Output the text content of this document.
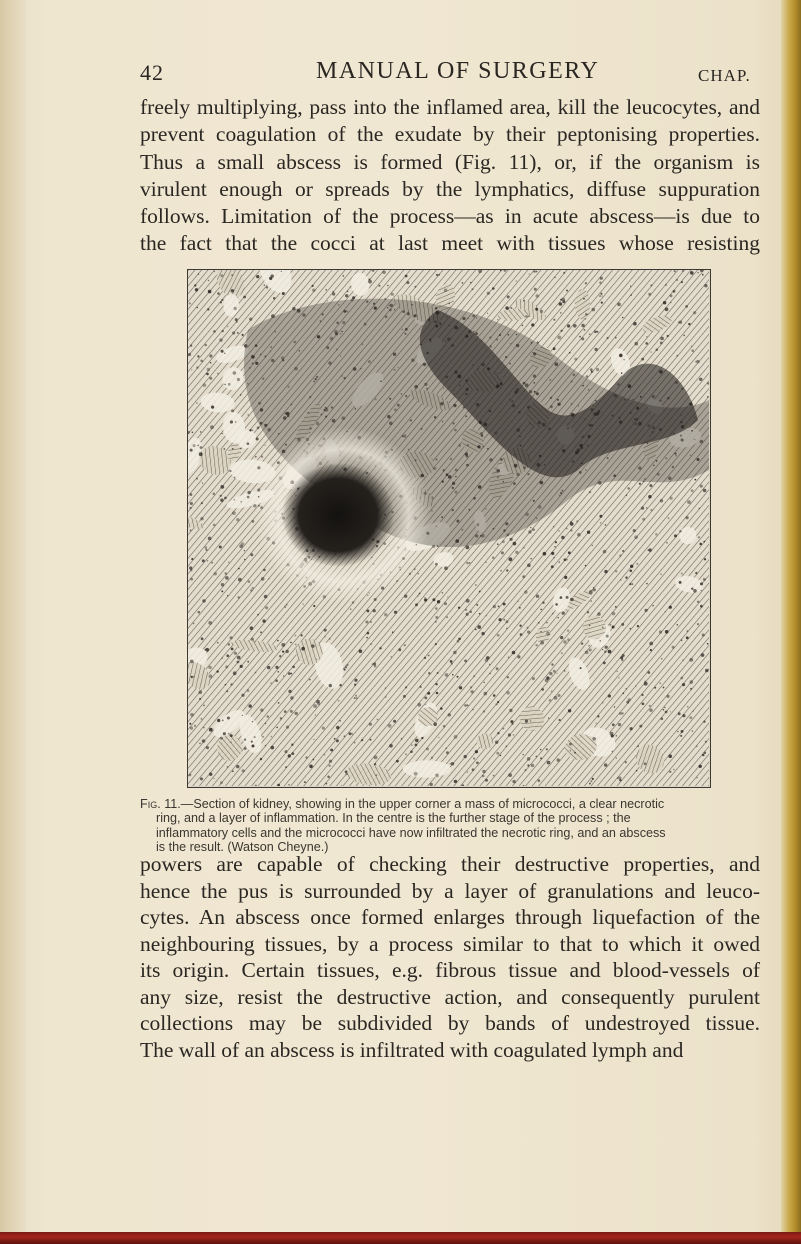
42	MANUAL OF SURGERY	CHAP.

freely multiplying, pass into the inflamed area, kill the leucocytes, and
prevent coagulation of the exudate by their peptonising properties.
Thus a small abscess is formed (Fig. 11), or, if the organism is
virulent enough or spreads by the lymphatics, diffuse suppuration
follows. Limitation of the process—as in acute abscess—is due to
the fact that the cocci at last meet with tissues whose resisting

Fig. 11.—Section of kidney, showing in the upper corner a mass of micrococci, a clear necrotic
ring, and a layer of inflammation. In the centre is the further stage of the process ; the
inflammatory cells and the micrococci have now infiltrated the necrotic ring, and an abscess
is the result. (Watson Cheyne.)

powers are capable of checking their destructive properties, and
hence the pus is surrounded by a layer of granulations and leuco-
cytes. An abscess once formed enlarges through liquefaction of the
neighbouring tissues, by a process similar to that to which it owed
its origin. Certain tissues, e.g. fibrous tissue and blood-vessels of
any size, resist the destructive action, and consequently purulent
collections may be subdivided by bands of undestroyed tissue.
The wall of an abscess is infiltrated with coagulated lymph and
